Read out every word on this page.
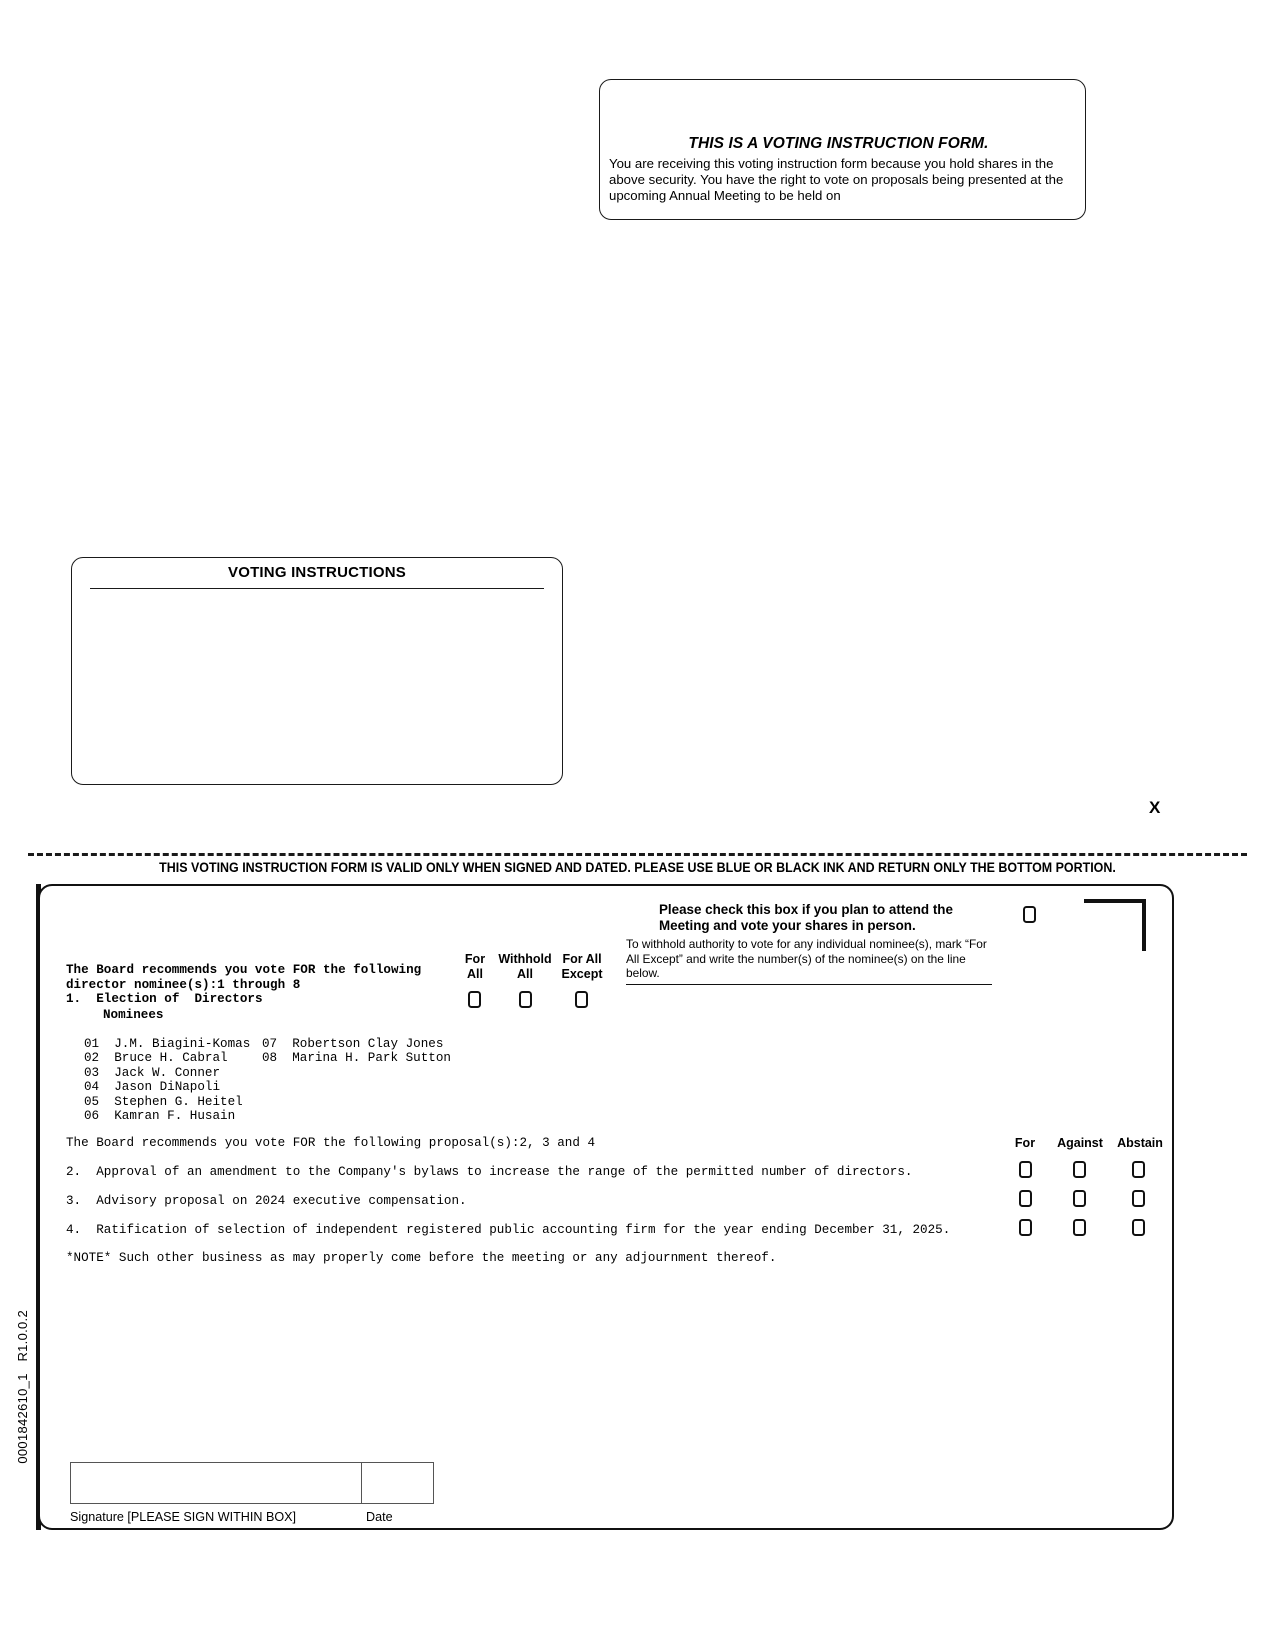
THIS IS A VOTING INSTRUCTION FORM.
You are receiving this voting instruction form because you hold shares in the above security. You have the right to vote on proposals being presented at the upcoming Annual Meeting to be held on
VOTING INSTRUCTIONS
X
THIS VOTING INSTRUCTION FORM IS VALID ONLY WHEN SIGNED AND DATED. PLEASE USE BLUE OR BLACK INK AND RETURN ONLY THE BOTTOM PORTION.
0001842610_1   R1.0.0.2
Please check this box if you plan to attend the Meeting and vote your shares in person.
To withhold authority to vote for any individual nominee(s), mark “For All Except” and write the number(s) of the nominee(s) on the line below.
The Board recommends you vote FOR the following
director nominee(s):1 through 8
1. Election of  Directors
Nominees
For
All
Withhold
All
For All
Except
01  J.M. Biagini-Komas
02  Bruce H. Cabral
03  Jack W. Conner
04  Jason DiNapoli
05  Stephen G. Heitel
06  Kamran F. Husain
07  Robertson Clay Jones
08  Marina H. Park Sutton
The Board recommends you vote FOR the following proposal(s):2, 3 and 4	For	Against	Abstain
2. Approval of an amendment to the Company's bylaws to increase the range of the permitted number of directors.
3. Advisory proposal on 2024 executive compensation.
4. Ratification of selection of independent registered public accounting firm for the year ending December 31, 2025.
*NOTE* Such other business as may properly come before the meeting or any adjournment thereof.
Signature [PLEASE SIGN WITHIN BOX]	Date
